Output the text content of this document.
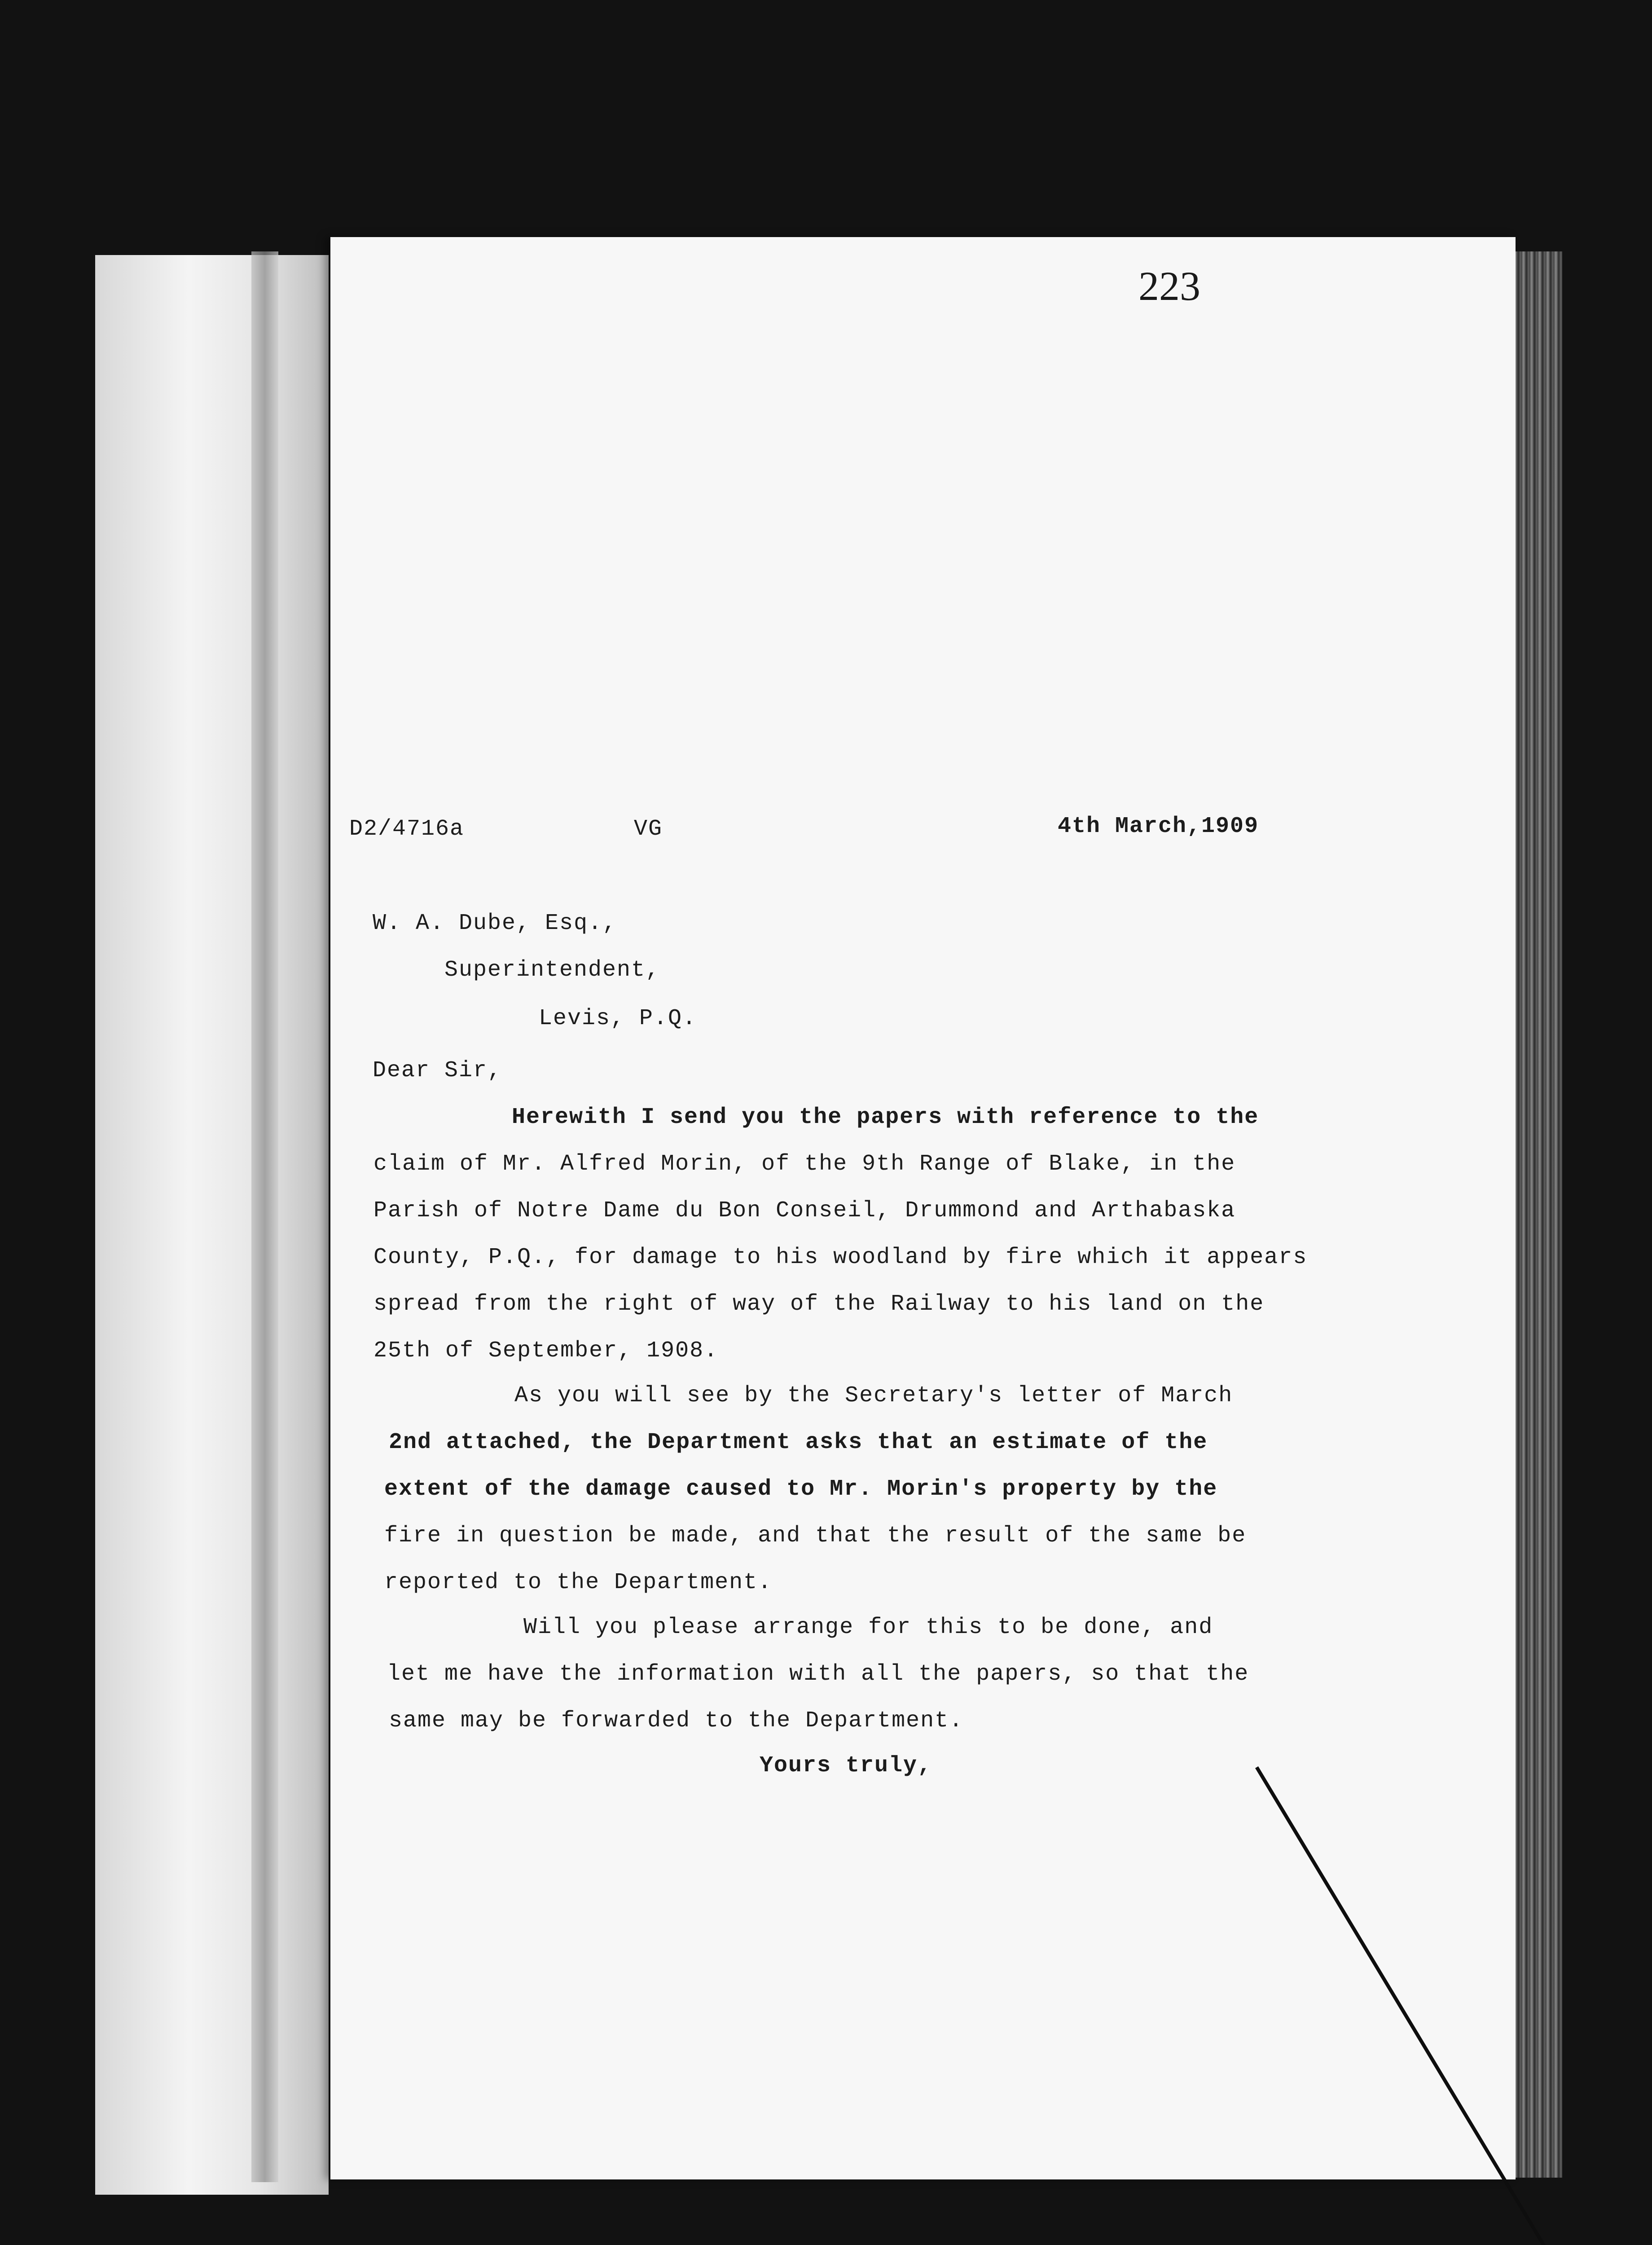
223
D2/4716a	VG	4th March,1909
W. A. Dube, Esq.,
Superintendent,
Levis, P.Q.
Dear Sir,
Herewith I send you the papers with reference to the
claim of Mr. Alfred Morin, of the 9th Range of Blake, in the
Parish of Notre Dame du Bon Conseil, Drummond and Arthabaska
County, P.Q., for damage to his woodland by fire which it appears
spread from the right of way of the Railway to his land on the
25th of September, 1908.
As you will see by the Secretary's letter of March
2nd attached, the Department asks that an estimate of the
extent of the damage caused to Mr. Morin's property by the
fire in question be made, and that the result of the same be
reported to the Department.
Will you please arrange for this to be done, and
let me have the information with all the papers, so that the
same may be forwarded to the Department.
Yours truly,
